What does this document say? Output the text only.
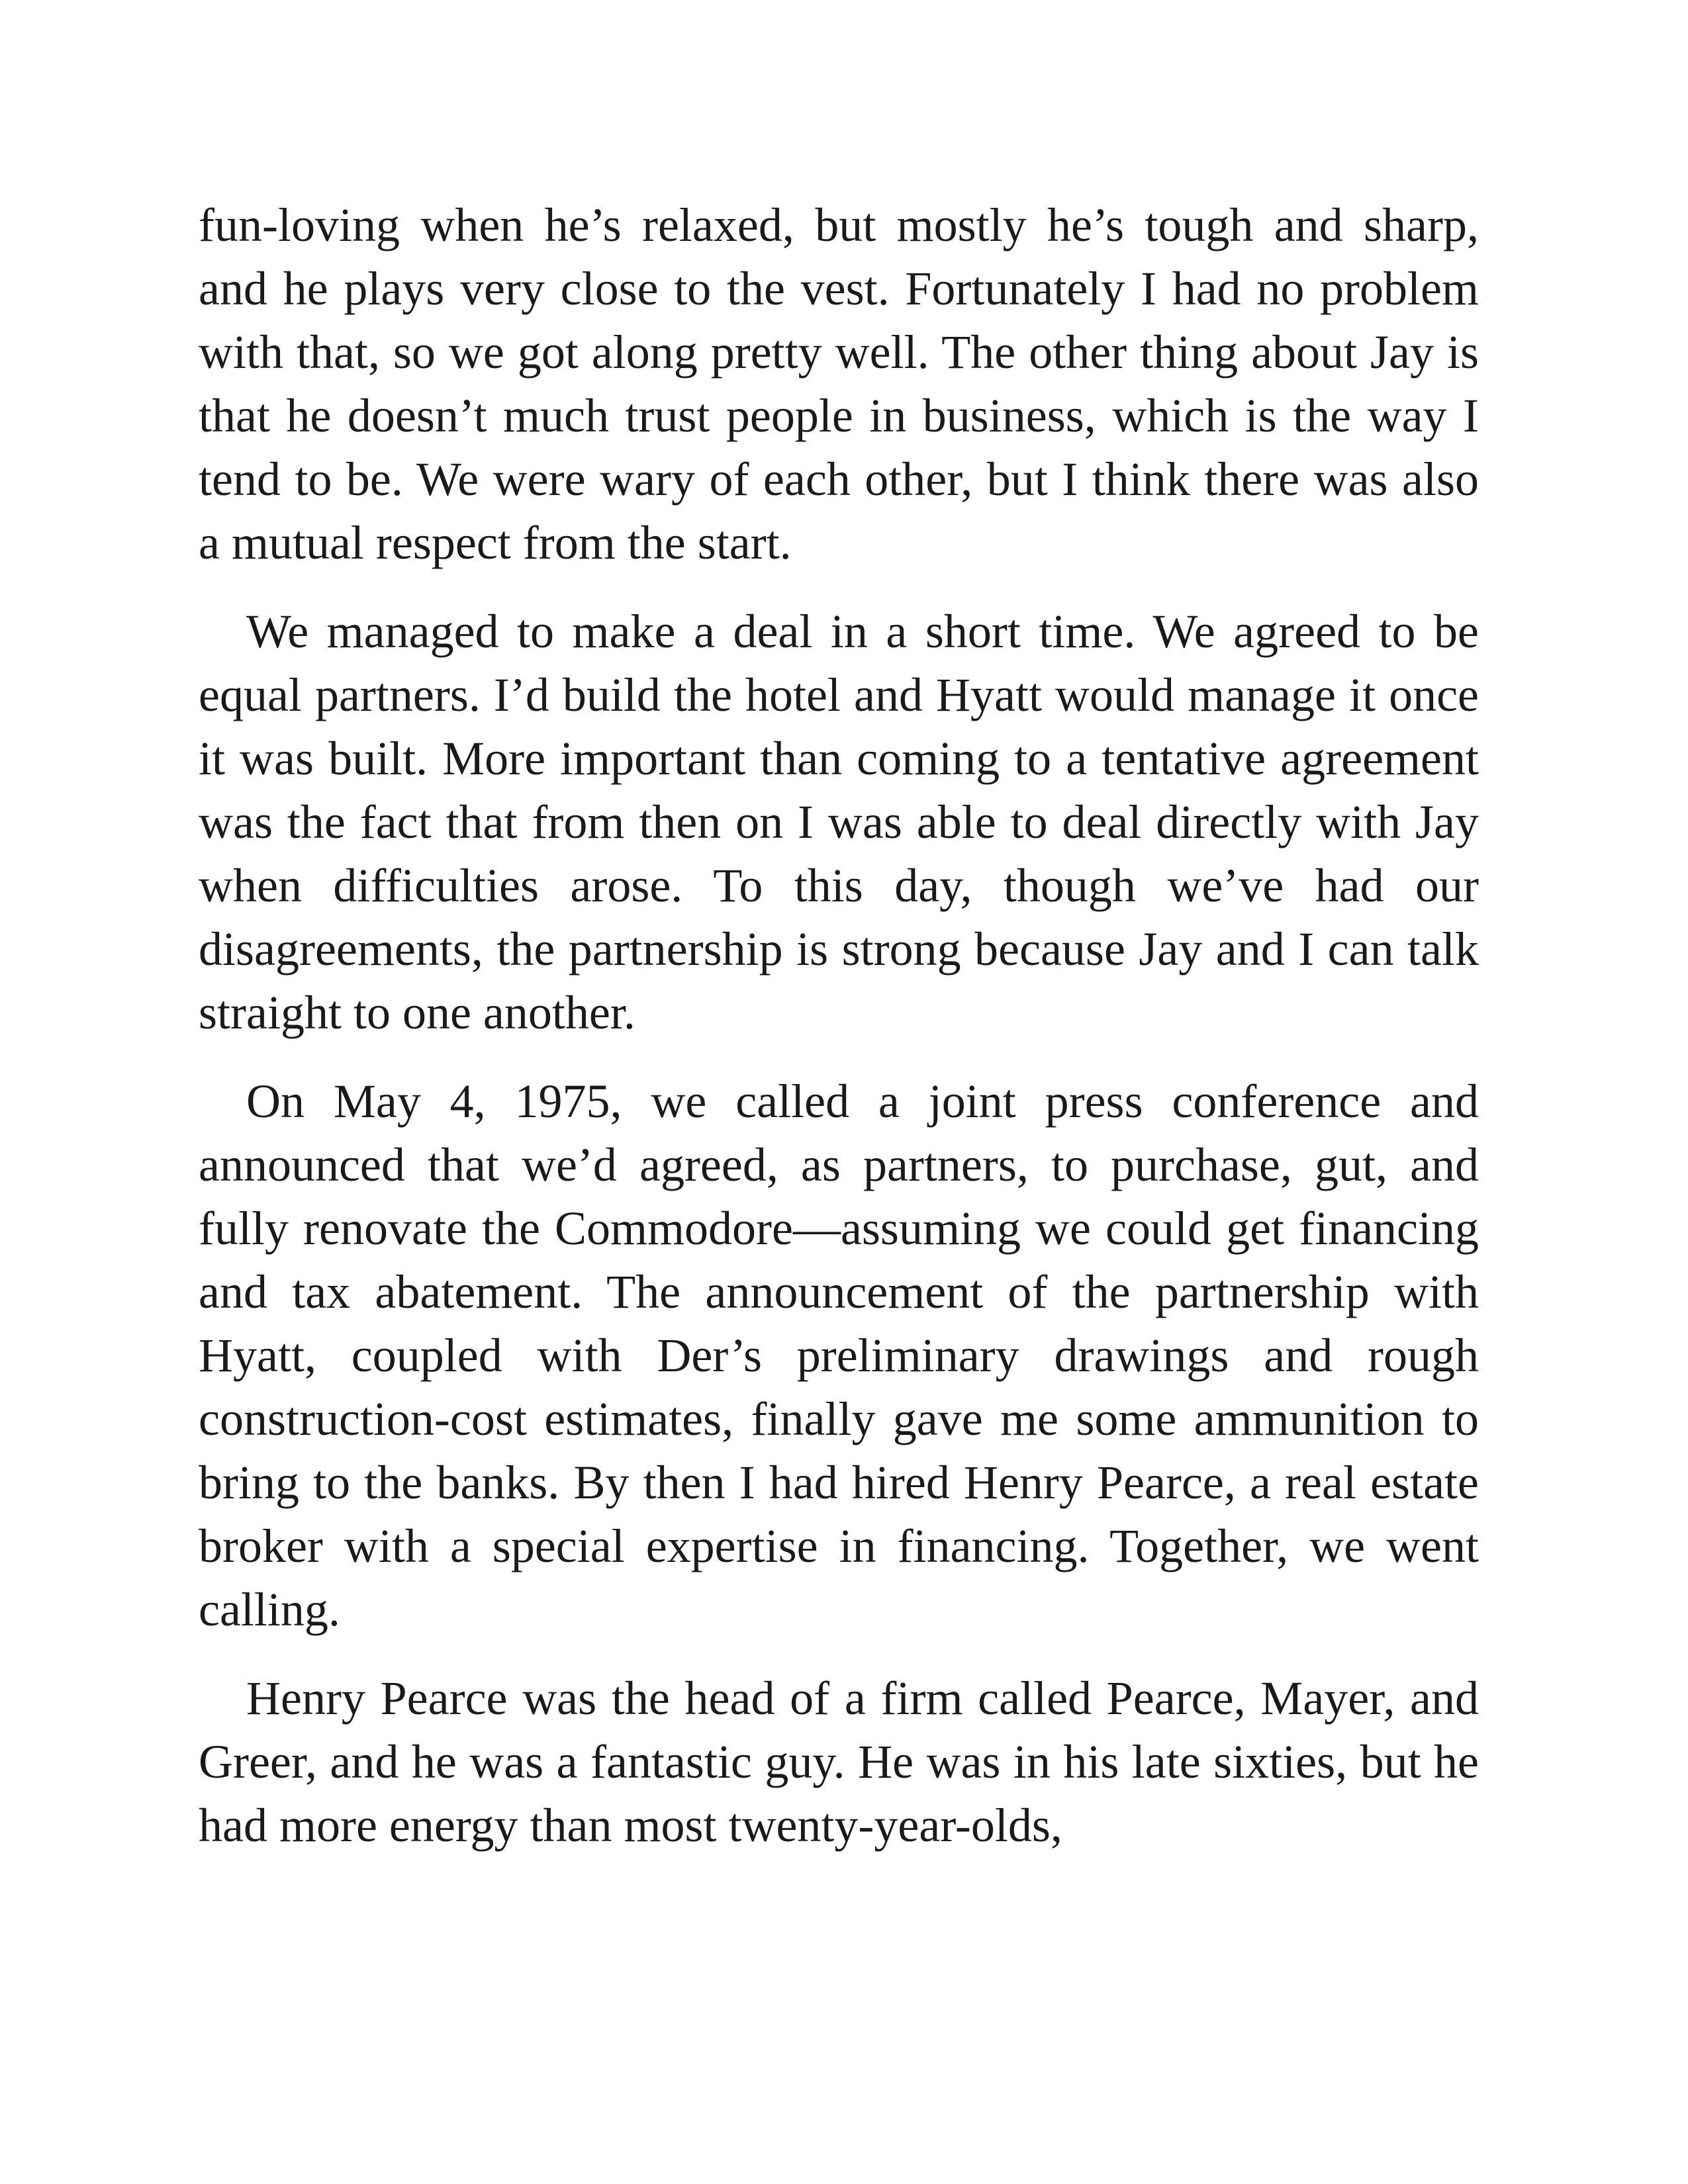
fun-loving when he’s relaxed, but mostly he’s tough and sharp, and he plays very close to the vest. Fortunately I had no problem with that, so we got along pretty well. The other thing about Jay is that he doesn’t much trust people in business, which is the way I tend to be. We were wary of each other, but I think there was also a mutual respect from the start.

We managed to make a deal in a short time. We agreed to be equal partners. I’d build the hotel and Hyatt would manage it once it was built. More important than coming to a tentative agreement was the fact that from then on I was able to deal directly with Jay when difficulties arose. To this day, though we’ve had our disagreements, the partnership is strong because Jay and I can talk straight to one another.

On May 4, 1975, we called a joint press conference and announced that we’d agreed, as partners, to purchase, gut, and fully renovate the Commodore—assuming we could get financing and tax abatement. The announcement of the partnership with Hyatt, coupled with Der’s preliminary drawings and rough construction-cost estimates, finally gave me some ammunition to bring to the banks. By then I had hired Henry Pearce, a real estate broker with a special expertise in financing. Together, we went calling.

Henry Pearce was the head of a firm called Pearce, Mayer, and Greer, and he was a fantastic guy. He was in his late sixties, but he had more energy than most twenty-year-olds,
